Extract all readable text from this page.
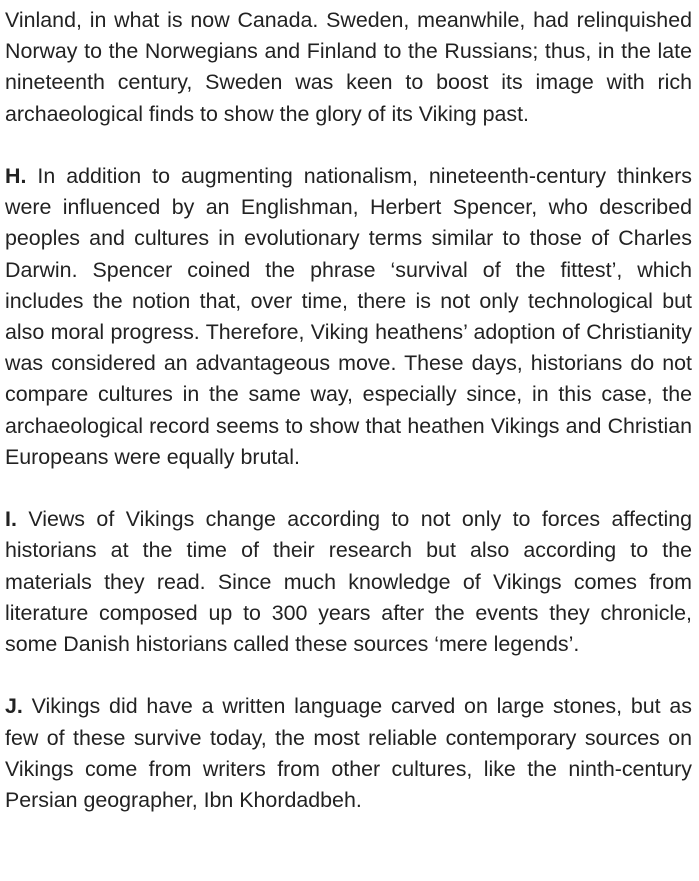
Vinland, in what is now Canada. Sweden, meanwhile, had relinquished Norway to the Norwegians and Finland to the Russians; thus, in the late nineteenth century, Sweden was keen to boost its image with rich archaeological finds to show the glory of its Viking past.

H. In addition to augmenting nationalism, nineteenth-century thinkers were influenced by an Englishman, Herbert Spencer, who described peoples and cultures in evolutionary terms similar to those of Charles Darwin. Spencer coined the phrase ‘survival of the fittest’, which includes the notion that, over time, there is not only technological but also moral progress. Therefore, Viking heathens’ adoption of Christianity was considered an advantageous move. These days, historians do not compare cultures in the same way, especially since, in this case, the archaeological record seems to show that heathen Vikings and Christian Europeans were equally brutal.

I. Views of Vikings change according to not only to forces affecting historians at the time of their research but also according to the materials they read. Since much knowledge of Vikings comes from literature composed up to 300 years after the events they chronicle, some Danish historians called these sources ‘mere legends’.

J. Vikings did have a written language carved on large stones, but as few of these survive today, the most reliable contemporary sources on Vikings come from writers from other cultures, like the ninth-century Persian geographer, Ibn Khordadbeh.
